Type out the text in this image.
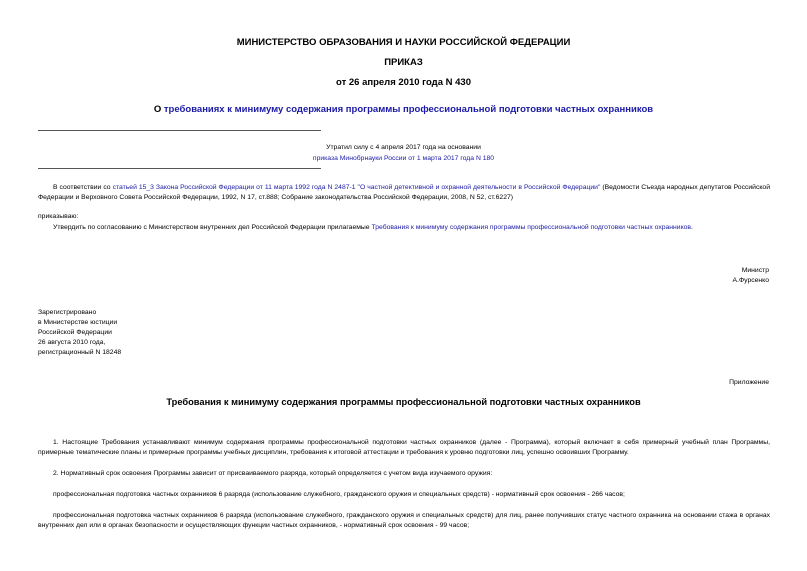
МИНИСТЕРСТВО ОБРАЗОВАНИЯ И НАУКИ РОССИЙСКОЙ ФЕДЕРАЦИИ
ПРИКАЗ
от 26 апреля 2010 года N 430
О требованиях к минимуму содержания программы профессиональной подготовки частных охранников
Утратил силу с 4 апреля 2017 года на основании
приказа Минобрнауки России от 1 марта 2017 года N 180
В соответствии со статьей 15_3 Закона Российской Федерации от 11 марта 1992 года N 2487-1 "О частной детективной и охранной деятельности в Российской Федерации" (Ведомости Съезда народных депутатов Российской Федерации и Верховного Совета Российской Федерации, 1992, N 17, ст.888; Собрание законодательства Российской Федерации, 2008, N 52, ст.6227)
приказываю:
Утвердить по согласованию с Министерством внутренних дел Российской Федерации прилагаемые Требования к минимуму содержания программы профессиональной подготовки частных охранников.
Министр
А.Фурсенко
Зарегистрировано
в Министерстве юстиции
Российской Федерации
26 августа 2010 года,
регистрационный N 18248
Приложение
Требования к минимуму содержания программы профессиональной подготовки частных охранников
1. Настоящие Требования устанавливают минимум содержания программы профессиональной подготовки частных охранников (далее - Программа), который включает в себя примерный учебный план Программы, примерные тематические планы и примерные программы учебных дисциплин, требования к итоговой аттестации и требования к уровню подготовки лиц, успешно освоивших Программу.
2. Нормативный срок освоения Программы зависит от присваиваемого разряда, который определяется с учетом вида изучаемого оружия:
профессиональная подготовка частных охранников 6 разряда (использование служебного, гражданского оружия и специальных средств) - нормативный срок освоения - 266 часов;
профессиональная подготовка частных охранников 6 разряда (использование служебного, гражданского оружия и специальных средств) для лиц, ранее получивших статус частного охранника на основании стажа в органах внутренних дел или в органах безопасности и осуществляющих функции частных охранников, - нормативный срок освоения - 99 часов;
